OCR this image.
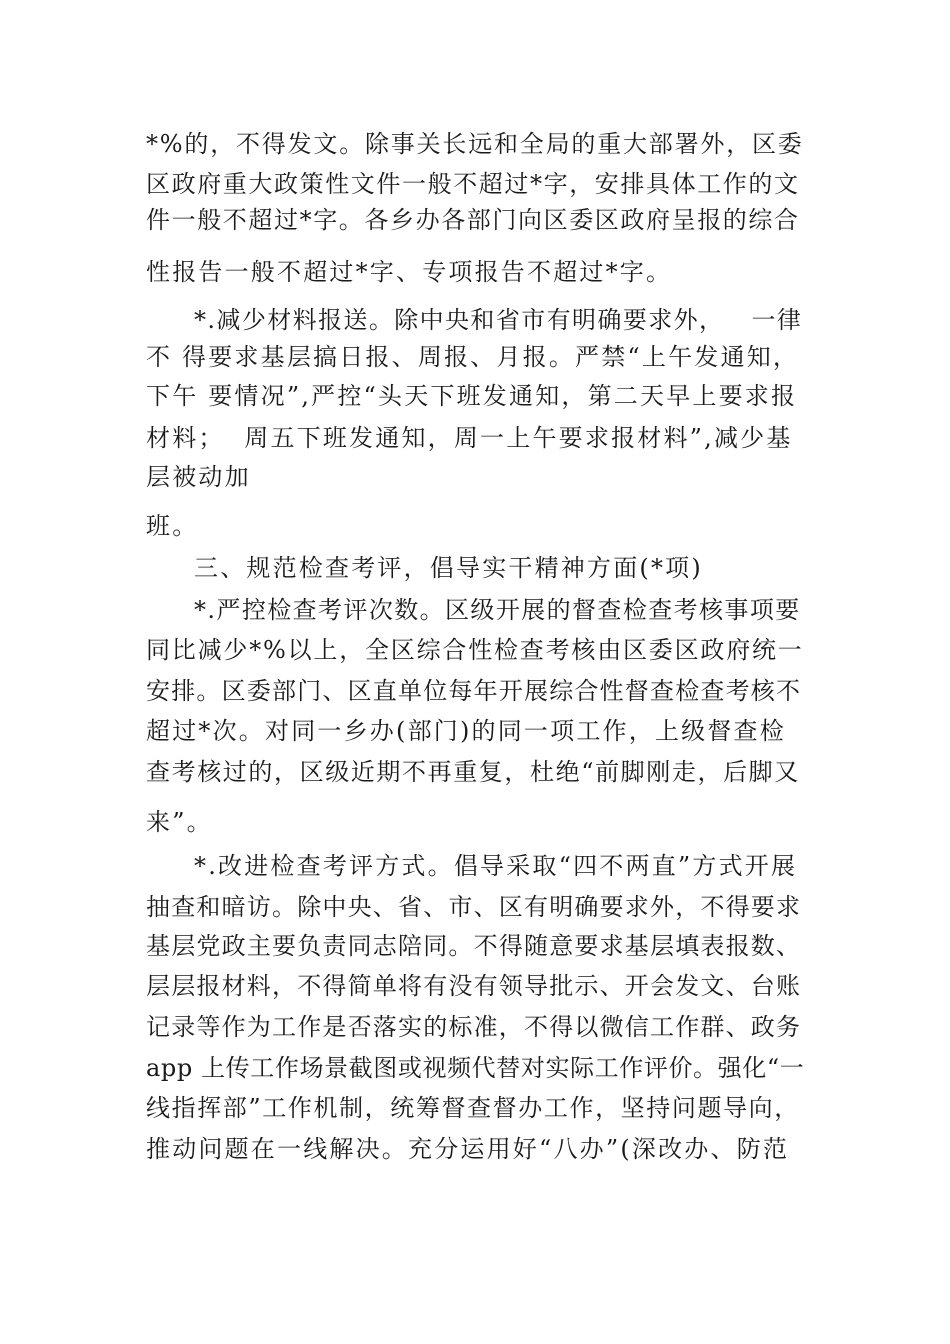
*%的，不得发文。除事关长远和全局的重大部署外，区委
区政府重大政策性文件一般不超过*字，安排具体工作的文
件一般不超过*字。各乡办各部门向区委区政府呈报的综合
性报告一般不超过*字、专项报告不超过*字。
*.减少材料报送。除中央和省市有明确要求外，   一律
不 得要求基层搞日报、周报、月报。严禁“上午发通知，
下午 要情况”,严控“头天下班发通知，第二天早上要求报
材料；  周五下班发通知，周一上午要求报材料”,减少基
层被动加
班。
三、规范检查考评，倡导实干精神方面(*项)
*.严控检查考评次数。区级开展的督查检查考核事项要
同比减少*%以上，全区综合性检查考核由区委区政府统一
安排。区委部门、区直单位每年开展综合性督查检查考核不
超过*次。对同一乡办(部门)的同一项工作，上级督查检
查考核过的，区级近期不再重复，杜绝“前脚刚走，后脚又
来”。
*.改进检查考评方式。倡导采取“四不两直”方式开展
抽查和暗访。除中央、省、市、区有明确要求外，不得要求
基层党政主要负责同志陪同。不得随意要求基层填表报数、
层层报材料，不得简单将有没有领导批示、开会发文、台账
记录等作为工作是否落实的标准，不得以微信工作群、政务
app 上传工作场景截图或视频代替对实际工作评价。强化“一
线指挥部”工作机制，统筹督查督办工作，坚持问题导向，
推动问题在一线解决。充分运用好“八办”(深改办、防范
